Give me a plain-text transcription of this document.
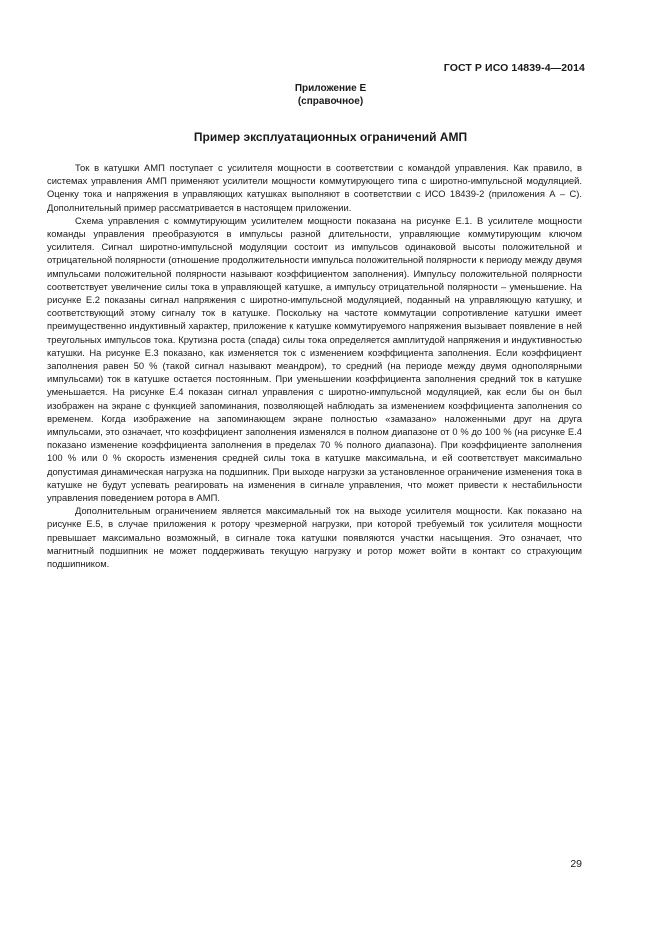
ГОСТ Р ИСО 14839-4—2014
Приложение Е
(справочное)
Пример эксплуатационных ограничений АМП

Ток в катушки АМП поступает с усилителя мощности в соответствии с командой управления. Как правило, в системах управления АМП применяют усилители мощности коммутирующего типа с широтно-импульсной модуляцией. Оценку тока и напряжения в управляющих катушках выполняют в соответствии с ИСО 18439-2 (приложения А – С). Дополнительный пример рассматривается в настоящем приложении.

Схема управления с коммутирующим усилителем мощности показана на рисунке Е.1. В усилителе мощности команды управления преобразуются в импульсы разной длительности, управляющие коммутирующим ключом усилителя. Сигнал широтно-импульсной модуляции состоит из импульсов одинаковой высоты положительной и отрицательной полярности (отношение продолжительности импульса положительной полярности к периоду между двумя импульсами положительной полярности называют коэффициентом заполнения). Импульсу положительной полярности соответствует увеличение силы тока в управляющей катушке, а импульсу отрицательной полярности – уменьшение. На рисунке Е.2 показаны сигнал напряжения с широтно-импульсной модуляцией, поданный на управляющую катушку, и соответствующий этому сигналу ток в катушке. Поскольку на частоте коммутации сопротивление катушки имеет преимущественно индуктивный характер, приложение к катушке коммутируемого напряжения вызывает появление в ней треугольных импульсов тока. Крутизна роста (спада) силы тока определяется амплитудой напряжения и индуктивностью катушки. На рисунке Е.3 показано, как изменяется ток с изменением коэффициента заполнения. Если коэффициент заполнения равен 50 % (такой сигнал называют меандром), то средний (на периоде между двумя однополярными импульсами) ток в катушке остается постоянным. При уменьшении коэффициента заполнения средний ток в катушке уменьшается. На рисунке Е.4 показан сигнал управления с широтно-импульсной модуляцией, как если бы он был изображен на экране с функцией запоминания, позволяющей наблюдать за изменением коэффициента заполнения со временем. Когда изображение на запоминающем экране полностью «замазано» наложенными друг на друга импульсами, это означает, что коэффициент заполнения изменялся в полном диапазоне от 0 % до 100 % (на рисунке Е.4 показано изменение коэффициента заполнения в пределах 70 % полного диапазона). При коэффициенте заполнения 100 % или 0 % скорость изменения средней силы тока в катушке максимальна, и ей соответствует максимально допустимая динамическая нагрузка на подшипник. При выходе нагрузки за установленное ограничение изменения тока в катушке не будут успевать реагировать на изменения в сигнале управления, что может привести к нестабильности управления поведением ротора в АМП.

Дополнительным ограничением является максимальный ток на выходе усилителя мощности. Как показано на рисунке Е.5, в случае приложения к ротору чрезмерной нагрузки, при которой требуемый ток усилителя мощности превышает максимально возможный, в сигнале тока катушки появляются участки насыщения. Это означает, что магнитный подшипник не может поддерживать текущую нагрузку и ротор может войти в контакт со страхующим подшипником.

29
